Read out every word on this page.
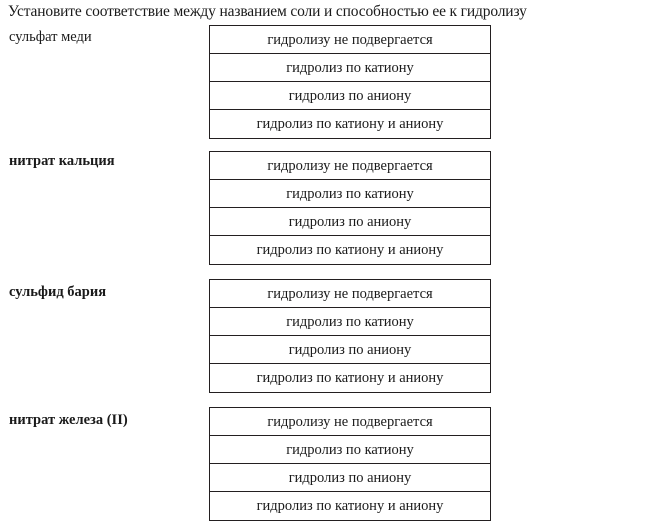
Установите соответствие между названием соли и способностью ее к гидролизу
сульфат меди	гидролизу не подвергается
гидролиз по катиону
гидролиз по аниону
гидролиз по катиону и аниону
нитрат кальция	гидролизу не подвергается
гидролиз по катиону
гидролиз по аниону
гидролиз по катиону и аниону
сульфид бария	гидролизу не подвергается
гидролиз по катиону
гидролиз по аниону
гидролиз по катиону и аниону
нитрат железа (II)	гидролизу не подвергается
гидролиз по катиону
гидролиз по аниону
гидролиз по катиону и аниону
